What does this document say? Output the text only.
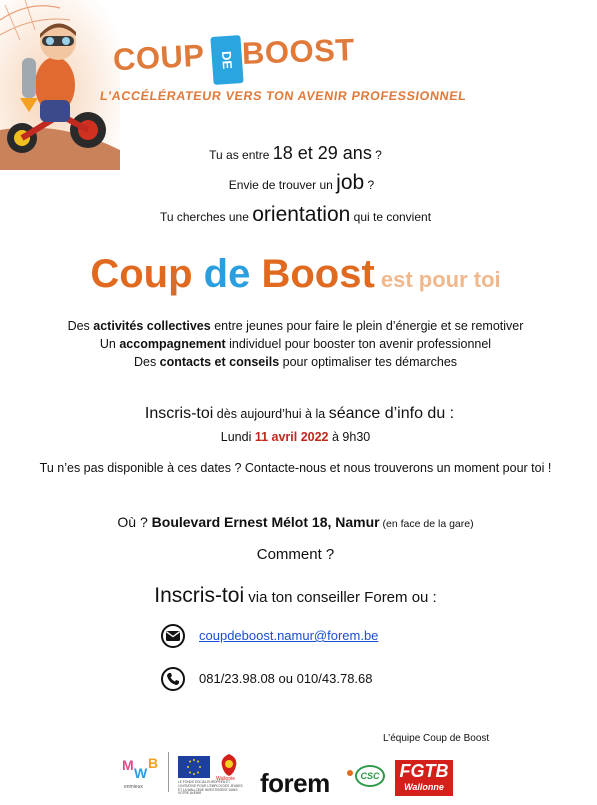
COUP	DE BOOST
L'ACCÉLÉRATEUR VERS TON AVENIR PROFESSIONNEL
Tu as entre 18 et 29 ans ?
Envie de trouver un job ?
Tu cherches une orientation qui te convient
Coup de Boost est pour toi
Des activités collectives entre jeunes pour faire le plein d’énergie et se remotiver
Un accompagnement individuel pour booster ton avenir professionnel
Des contacts et conseils pour optimaliser tes démarches
Inscris-toi dès aujourd’hui à la séance d’info du :
Lundi 11 avril 2022 à 9h30
Tu n’es pas disponible à ces dates ? Contacte-nous et nous trouverons un moment pour toi !
Où ? Boulevard Ernest Mélot 18, Namur (en face de la gare)
Comment ?
Inscris-toi via ton conseiller Forem ou :
coupdeboost.namur@forem.be
081/23.98.08 ou 010/43.78.68
L’équipe Coup de Boost
M W
B
enmieux
Wallonie
LE FONDS SOCIAL EUROPÉEN ET L'INITIATIVE POUR L'EMPLOI DES JEUNES ET LA WALLONIE INVESTISSENT DANS VOTRE AVENIR	forem	CSC FGTB
Wallonne
